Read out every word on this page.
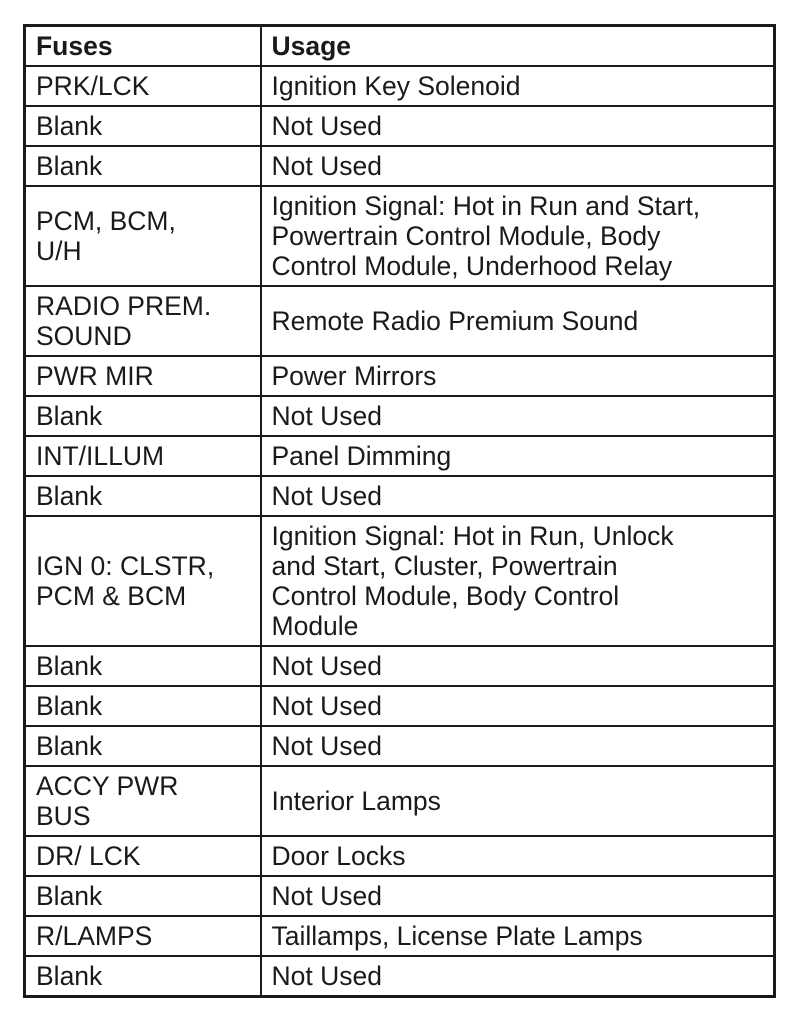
Fuses	Usage
PRK/LCK	Ignition Key Solenoid
Blank	Not Used
Blank	Not Used
PCM, BCM,
U/H	Ignition Signal: Hot in Run and Start,
Powertrain Control Module, Body
Control Module, Underhood Relay
RADIO PREM.
SOUND	Remote Radio Premium Sound
PWR MIR	Power Mirrors
Blank	Not Used
INT/ILLUM	Panel Dimming
Blank	Not Used
IGN 0: CLSTR,
PCM & BCM	Ignition Signal: Hot in Run, Unlock
and Start, Cluster, Powertrain
Control Module, Body Control
Module
Blank	Not Used
Blank	Not Used
Blank	Not Used
ACCY PWR
BUS	Interior Lamps
DR/ LCK	Door Locks
Blank	Not Used
R/LAMPS	Taillamps, License Plate Lamps
Blank	Not Used
